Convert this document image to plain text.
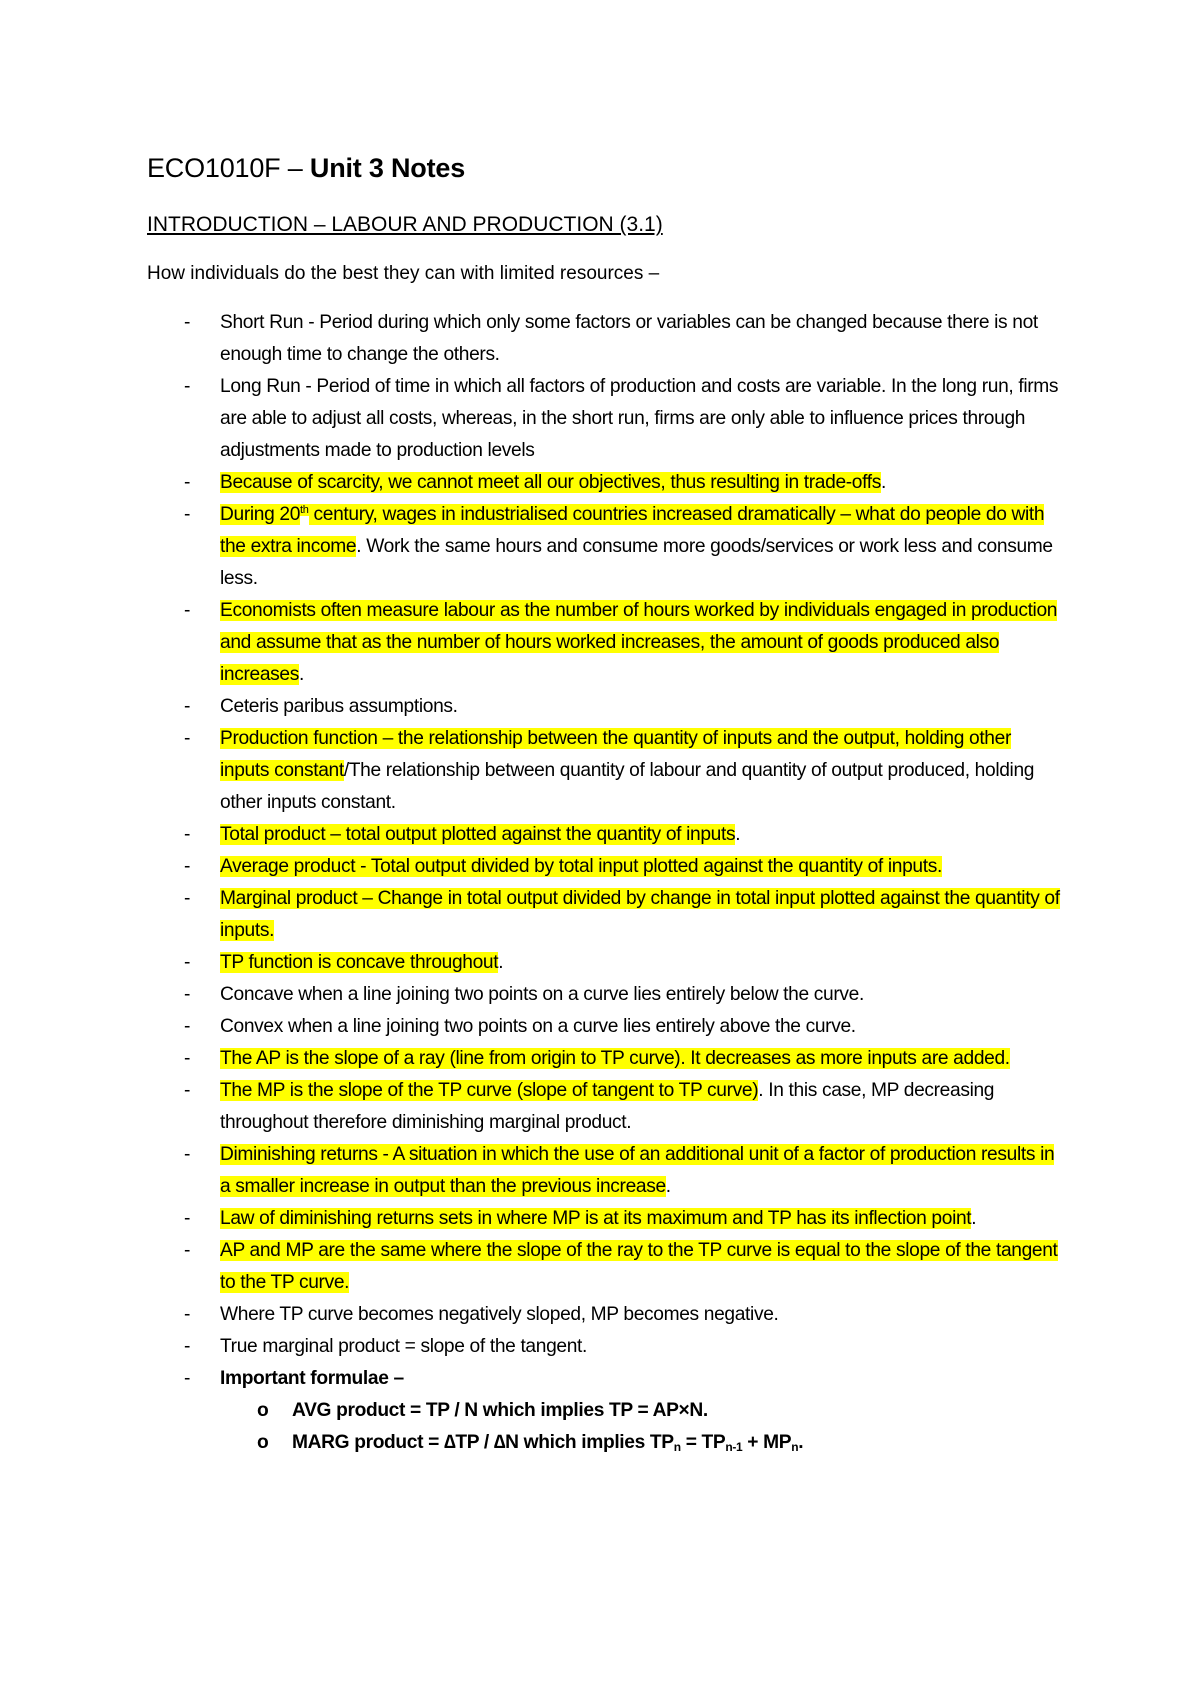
ECO1010F – Unit 3 Notes
INTRODUCTION – LABOUR AND PRODUCTION (3.1)

How individuals do the best they can with limited resources –

- Short Run - Period during which only some factors or variables can be changed because there is not enough time to change the others.
- Long Run - Period of time in which all factors of production and costs are variable. In the long run, firms are able to adjust all costs, whereas, in the short run, firms are only able to influence prices through adjustments made to production levels
- Because of scarcity, we cannot meet all our objectives, thus resulting in trade-offs.
- During 20th century, wages in industrialised countries increased dramatically – what do people do with the extra income. Work the same hours and consume more goods/services or work less and consume less.
- Economists often measure labour as the number of hours worked by individuals engaged in production and assume that as the number of hours worked increases, the amount of goods produced also increases.
- Ceteris paribus assumptions.
- Production function – the relationship between the quantity of inputs and the output, holding other inputs constant/The relationship between quantity of labour and quantity of output produced, holding other inputs constant.
- Total product – total output plotted against the quantity of inputs.
- Average product - Total output divided by total input plotted against the quantity of inputs.
- Marginal product – Change in total output divided by change in total input plotted against the quantity of inputs.
- TP function is concave throughout.
- Concave when a line joining two points on a curve lies entirely below the curve.
- Convex when a line joining two points on a curve lies entirely above the curve.
- The AP is the slope of a ray (line from origin to TP curve). It decreases as more inputs are added.
- The MP is the slope of the TP curve (slope of tangent to TP curve). In this case, MP decreasing throughout therefore diminishing marginal product.
- Diminishing returns - A situation in which the use of an additional unit of a factor of production results in a smaller increase in output than the previous increase.
- Law of diminishing returns sets in where MP is at its maximum and TP has its inflection point.
- AP and MP are the same where the slope of the ray to the TP curve is equal to the slope of the tangent to the TP curve.
- Where TP curve becomes negatively sloped, MP becomes negative.
- True marginal product = slope of the tangent.
- Important formulae –
o AVG product = TP / N which implies TP = AP×N.
o MARG product = ∆TP / ∆N which implies $TP_n = TP_{n-1} + MP_n$.
